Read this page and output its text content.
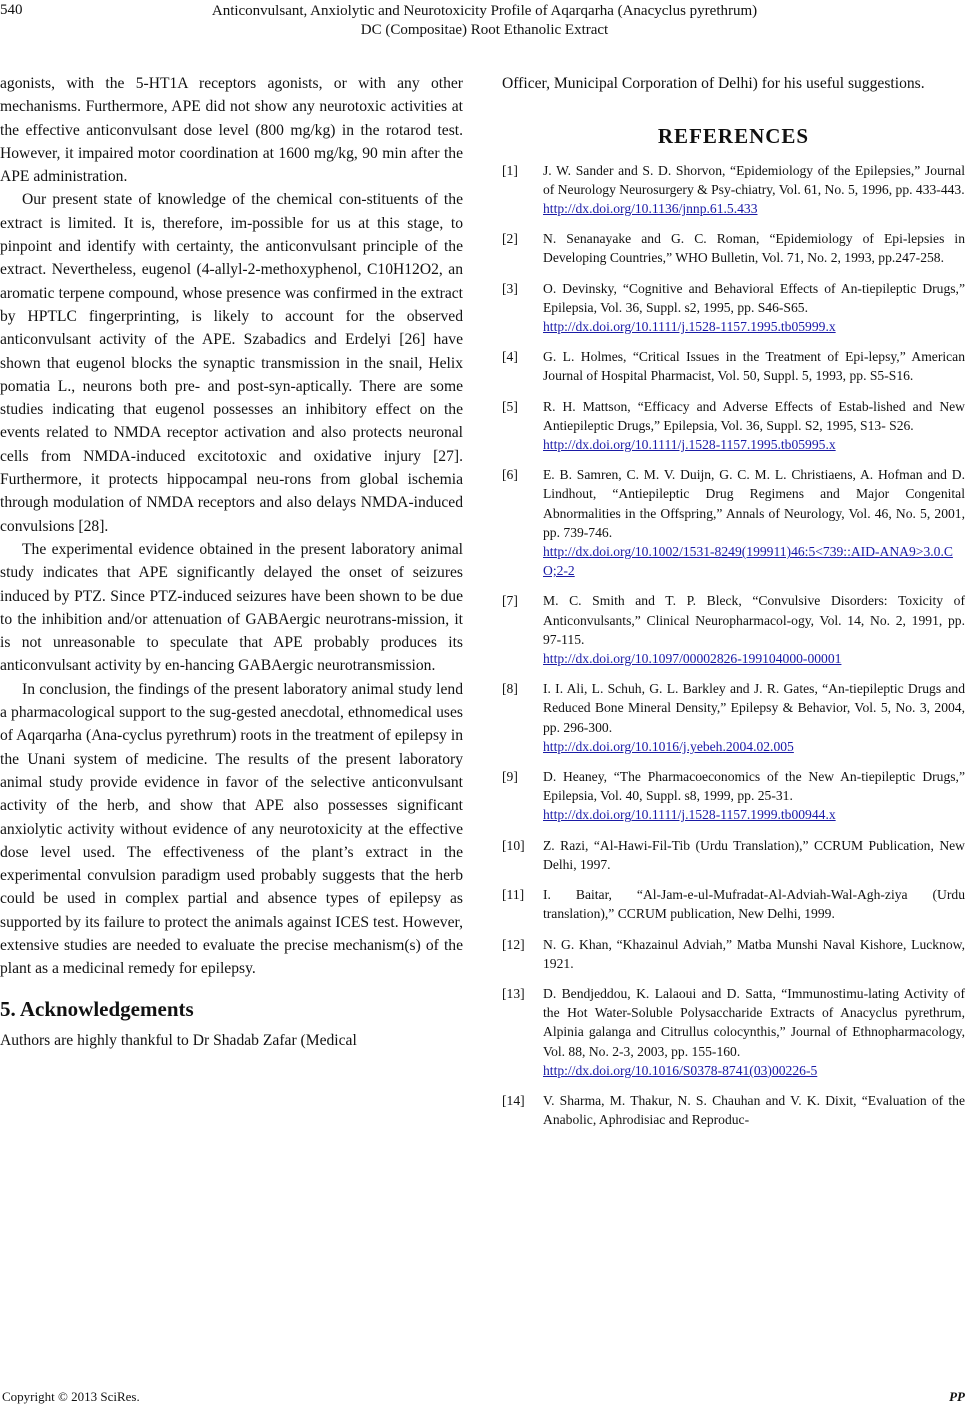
540	Anticonvulsant, Anxiolytic and Neurotoxicity Profile of Aqarqarha (Anacyclus pyrethrum)
DC (Compositae) Root Ethanolic Extract

agonists, with the 5-HT1A receptors agonists, or with any other mechanisms. Furthermore, APE did not show any neurotoxic activities at the effective anticonvulsant dose level (800 mg/kg) in the rotarod test. However, it impaired motor coordination at 1600 mg/kg, 90 min after the APE administration.

Our present state of knowledge of the chemical con-stituents of the extract is limited. It is, therefore, im-possible for us at this stage, to pinpoint and identify with certainty, the anticonvulsant principle of the extract. Nevertheless, eugenol (4-allyl-2-methoxyphenol, C10H12O2, an aromatic terpene compound, whose presence was confirmed in the extract by HPTLC fingerprinting, is likely to account for the observed anticonvulsant activity of the APE. Szabadics and Erdelyi [26] have shown that eugenol blocks the synaptic transmission in the snail, Helix pomatia L., neurons both pre- and post-syn-aptically. There are some studies indicating that eugenol possesses an inhibitory effect on the events related to NMDA receptor activation and also protects neuronal cells from NMDA-induced excitotoxic and oxidative injury [27]. Furthermore, it protects hippocampal neu-rons from global ischemia through modulation of NMDA receptors and also delays NMDA-induced convulsions [28].

The experimental evidence obtained in the present laboratory animal study indicates that APE significantly delayed the onset of seizures induced by PTZ. Since PTZ-induced seizures have been shown to be due to the inhibition and/or attenuation of GABAergic neurotrans-mission, it is not unreasonable to speculate that APE probably produces its anticonvulsant activity by en-hancing GABAergic neurotransmission.

In conclusion, the findings of the present laboratory animal study lend a pharmacological support to the sug-gested anecdotal, ethnomedical uses of Aqarqarha (Ana-cyclus pyrethrum) roots in the treatment of epilepsy in the Unani system of medicine. The results of the present laboratory animal study provide evidence in favor of the selective anticonvulsant activity of the herb, and show that APE also possesses significant anxiolytic activity without evidence of any neurotoxicity at the effective dose level used. The effectiveness of the plant’s extract in the experimental convulsion paradigm used probably suggests that the herb could be used in complex partial and absence types of epilepsy as supported by its failure to protect the animals against ICES test. However, extensive studies are needed to evaluate the precise mechanism(s) of the plant as a medicinal remedy for epilepsy.

5. Acknowledgements

Authors are highly thankful to Dr Shadab Zafar (Medical

Officer, Municipal Corporation of Delhi) for his useful suggestions.

REFERENCES
[1]	J. W. Sander and S. D. Shorvon, “Epidemiology of the Epilepsies,” Journal of Neurology Neurosurgery & Psy-chiatry, Vol. 61, No. 5, 1996, pp. 433-443.
http://dx.doi.org/10.1136/jnnp.61.5.433
[2]	N. Senanayake and G. C. Roman, “Epidemiology of Epi-lepsies in Developing Countries,” WHO Bulletin, Vol. 71, No. 2, 1993, pp.247-258.
[3]	O. Devinsky, “Cognitive and Behavioral Effects of An-tiepileptic Drugs,” Epilepsia, Vol. 36, Suppl. s2, 1995, pp. S46-S65.
http://dx.doi.org/10.1111/j.1528-1157.1995.tb05999.x
[4]	G. L. Holmes, “Critical Issues in the Treatment of Epi-lepsy,” American Journal of Hospital Pharmacist, Vol. 50, Suppl. 5, 1993, pp. S5-S16.
[5]	R. H. Mattson, “Efficacy and Adverse Effects of Estab-lished and New Antiepileptic Drugs,” Epilepsia, Vol. 36, Suppl. S2, 1995, S13- S26.
http://dx.doi.org/10.1111/j.1528-1157.1995.tb05995.x
[6]	E. B. Samren, C. M. V. Duijn, G. C. M. L. Christiaens, A. Hofman and D. Lindhout, “Antiepileptic Drug Regimens and Major Congenital Abnormalities in the Offspring,” Annals of Neurology, Vol. 46, No. 5, 2001, pp. 739-746.
http://dx.doi.org/10.1002/1531-8249(199911)46:5<739::AID-ANA9>3.0.CO;2-2
[7]	M. C. Smith and T. P. Bleck, “Convulsive Disorders: Toxicity of Anticonvulsants,” Clinical Neuropharmacol-ogy, Vol. 14, No. 2, 1991, pp. 97-115.
http://dx.doi.org/10.1097/00002826-199104000-00001
[8]	I. I. Ali, L. Schuh, G. L. Barkley and J. R. Gates, “An-tiepileptic Drugs and Reduced Bone Mineral Density,” Epilepsy & Behavior, Vol. 5, No. 3, 2004, pp. 296-300.
http://dx.doi.org/10.1016/j.yebeh.2004.02.005
[9]	D. Heaney, “The Pharmacoeconomics of the New An-tiepileptic Drugs,” Epilepsia, Vol. 40, Suppl. s8, 1999, pp. 25-31.
http://dx.doi.org/10.1111/j.1528-1157.1999.tb00944.x
[10]	Z. Razi, “Al-Hawi-Fil-Tib (Urdu Translation),” CCRUM Publication, New Delhi, 1997.
[11]	I. Baitar, “Al-Jam-e-ul-Mufradat-Al-Adviah-Wal-Agh-ziya (Urdu translation),” CCRUM publication, New Delhi, 1999.
[12]	N. G. Khan, “Khazainul Adviah,” Matba Munshi Naval Kishore, Lucknow, 1921.
[13]	D. Bendjeddou, K. Lalaoui and D. Satta, “Immunostimu-lating Activity of the Hot Water-Soluble Polysaccharide Extracts of Anacyclus pyrethrum, Alpinia galanga and Citrullus colocynthis,” Journal of Ethnopharmacology, Vol. 88, No. 2-3, 2003, pp. 155-160.
http://dx.doi.org/10.1016/S0378-8741(03)00226-5
[14]	V. Sharma, M. Thakur, N. S. Chauhan and V. K. Dixit, “Evaluation of the Anabolic, Aphrodisiac and Reproduc-
Copyright © 2013 SciRes.	PP
